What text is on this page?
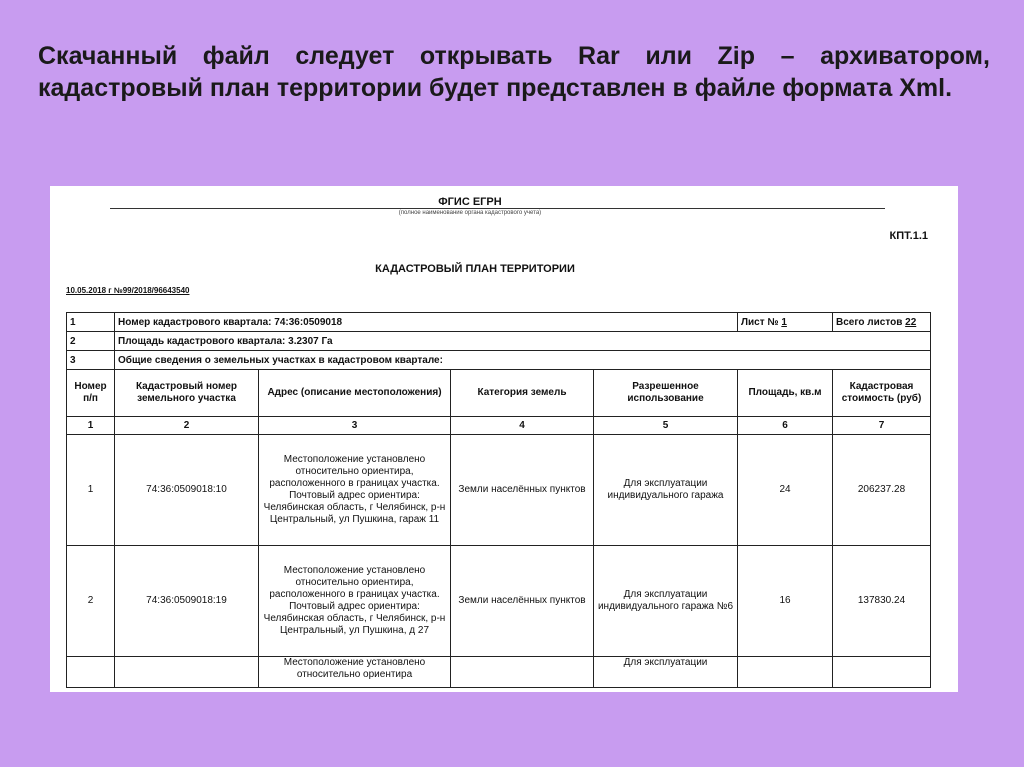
Скачанный файл следует открывать Rar или Zip – архиватором, кадастровый план территории будет представлен в файле формата Xml.
ФГИС ЕГРН
(полное наименование органа кадастрового учета)
КПТ.1.1
КАДАСТРОВЫЙ ПЛАН ТЕРРИТОРИИ
10.05.2018 г №99/2018/96643540
1	Номер кадастрового квартала: 74:36:0509018				Лист № 1	Всего листов 22
2	Площадь кадастрового квартала: 3.2307 Га					
3	Общие сведения о земельных участках в кадастровом квартале:					
Номер п/п	Кадастровый номер земельного участка	Адрес (описание местоположения)	Категория земель	Разрешенное использование	Площадь, кв.м	Кадастровая стоимость (руб)
1	2	3	4	5	6	7
1	74:36:0509018:10	Местоположение установлено относительно ориентира, расположенного в границах участка. Почтовый адрес ориентира: Челябинская область, г Челябинск, р-н Центральный, ул Пушкина, гараж 11	Земли населённых пунктов	Для эксплуатации индивидуального гаража	24	206237.28
2	74:36:0509018:19	Местоположение установлено относительно ориентира, расположенного в границах участка. Почтовый адрес ориентира: Челябинская область, г Челябинск, р-н Центральный, ул Пушкина, д 27	Земли населённых пунктов	Для эксплуатации индивидуального гаража №6	16	137830.24
		Местоположение установлено относительно ориентира		Для эксплуатации		
